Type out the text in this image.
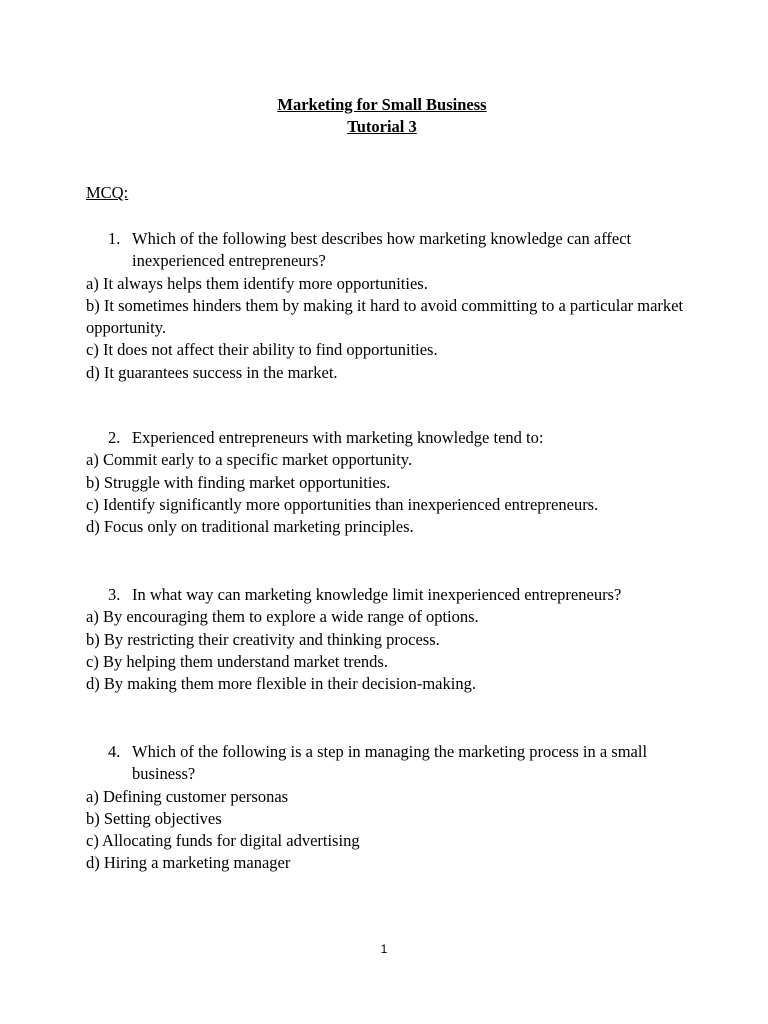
Marketing for Small Business
Tutorial 3
MCQ:
1. Which of the following best describes how marketing knowledge can affect inexperienced entrepreneurs?
a) It always helps them identify more opportunities.
b) It sometimes hinders them by making it hard to avoid committing to a particular market opportunity.
c) It does not affect their ability to find opportunities.
d) It guarantees success in the market.
2. Experienced entrepreneurs with marketing knowledge tend to:
a) Commit early to a specific market opportunity.
b) Struggle with finding market opportunities.
c) Identify significantly more opportunities than inexperienced entrepreneurs.
d) Focus only on traditional marketing principles.
3. In what way can marketing knowledge limit inexperienced entrepreneurs?
a) By encouraging them to explore a wide range of options.
b) By restricting their creativity and thinking process.
c) By helping them understand market trends.
d) By making them more flexible in their decision-making.
4. Which of the following is a step in managing the marketing process in a small business?
a) Defining customer personas
b) Setting objectives
c) Allocating funds for digital advertising
d) Hiring a marketing manager
1
